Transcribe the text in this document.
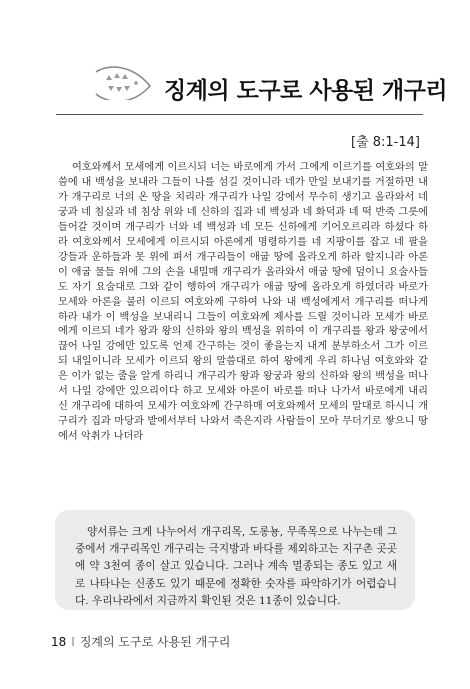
징계의 도구로 사용된 개구리
[출 8:1-14]
여호와께서 모세에게 이르시되 너는 바로에게 가서 그에게 이르기를 여호와의 말씀에 내 백성을 보내라 그들이 나를 섬길 것이니라 네가 만일 보내기를 거절하면 내가 개구리로 너의 온 땅을 치리라 개구리가 나일 강에서 무수히 생기고 올라와서 네 궁과 네 침실과 네 침상 위와 네 신하의 집과 네 백성과 네 화덕과 네 떡 반죽 그릇에 들어갈 것이며 개구리가 너와 네 백성과 네 모든 신하에게 기어오르리라 하셨다 하라 여호와께서 모세에게 이르시되 아론에게 명령하기를 네 지팡이를 잡고 네 팔을 강들과 운하들과 못 위에 펴서 개구리들이 애굽 땅에 올라오게 하라 할지니라 아론이 애굽 물들 위에 그의 손을 내밀매 개구리가 올라와서 애굽 땅에 덮이니 요술사들도 자기 요술대로 그와 같이 행하여 개구리가 애굽 땅에 올라오게 하였더라 바로가 모세와 아론을 불러 이르되 여호와께 구하여 나와 내 백성에게서 개구리를 떠나게 하라 내가 이 백성을 보내리니 그들이 여호와께 제사를 드릴 것이니라 모세가 바로에게 이르되 네가 왕과 왕의 신하와 왕의 백성을 위하여 이 개구리를 왕과 왕궁에서 끊어 나일 강에만 있도록 언제 간구하는 것이 좋을는지 내게 분부하소서 그가 이르되 내일이니라 모세가 이르되 왕의 말씀대로 하여 왕에게 우리 하나님 여호와와 같은 이가 없는 줄을 알게 하리니 개구리가 왕과 왕궁과 왕의 신하와 왕의 백성을 떠나서 나일 강에만 있으리이다 하고 모세와 아론이 바로를 떠나 나가서 바로에게 내리신 개구리에 대하여 모세가 여호와께 간구하매 여호와께서 모세의 말대로 하시니 개구리가 집과 마당과 밭에서부터 나와서 죽은지라 사람들이 모아 무더기로 쌓으니 땅에서 악취가 나더라
양서류는 크게 나누어서 개구리목, 도롱뇽, 무족목으로 나누는데 그 중에서 개구리목인 개구리는 극지방과 바다를 제외하고는 지구촌 곳곳에 약 3천여 종이 살고 있습니다. 그러나 계속 멸종되는 종도 있고 새로 나타나는 신종도 있기 때문에 정확한 숫자를 파악하기가 어렵습니다. 우리나라에서 지금까지 확인된 것은 11종이 있습니다.
18 I 징계의 도구로 사용된 개구리
